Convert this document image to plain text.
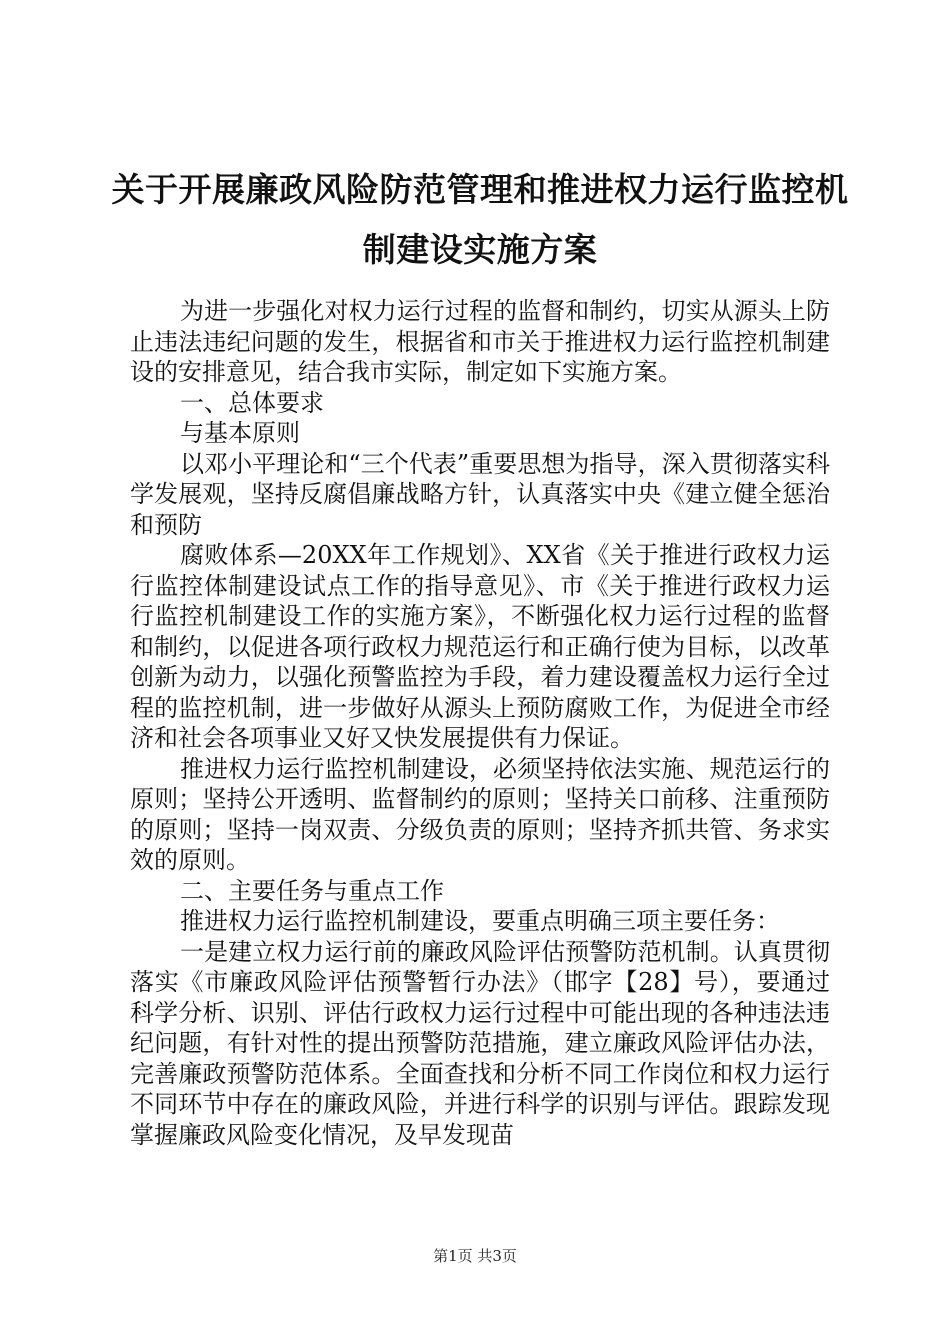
关于开展廉政风险防范管理和推进权力运行监控机制建设实施方案

为进一步强化对权力运行过程的监督和制约，切实从源头上防止违法违纪问题的发生，根据省和市关于推进权力运行监控机制建设的安排意见，结合我市实际，制定如下实施方案。

一、总体要求

与基本原则

以邓小平理论和“三个代表”重要思想为指导，深入贯彻落实科学发展观，坚持反腐倡廉战略方针，认真落实中央《建立健全惩治和预防

腐败体系—20XX年工作规划》、XX省《关于推进行政权力运行监控体制建设试点工作的指导意见》、市《关于推进行政权力运行监控机制建设工作的实施方案》，不断强化权力运行过程的监督和制约，以促进各项行政权力规范运行和正确行使为目标，以改革创新为动力，以强化预警监控为手段，着力建设覆盖权力运行全过程的监控机制，进一步做好从源头上预防腐败工作，为促进全市经济和社会各项事业又好又快发展提供有力保证。

推进权力运行监控机制建设，必须坚持依法实施、规范运行的原则；坚持公开透明、监督制约的原则；坚持关口前移、注重预防的原则；坚持一岗双责、分级负责的原则；坚持齐抓共管、务求实效的原则。

二、主要任务与重点工作

推进权力运行监控机制建设，要重点明确三项主要任务：

一是建立权力运行前的廉政风险评估预警防范机制。认真贯彻落实《市廉政风险评估预警暂行办法》（邯字【28】号），要通过科学分析、识别、评估行政权力运行过程中可能出现的各种违法违纪问题，有针对性的提出预警防范措施，建立廉政风险评估办法，完善廉政预警防范体系。全面查找和分析不同工作岗位和权力运行不同环节中存在的廉政风险，并进行科学的识别与评估。跟踪发现掌握廉政风险变化情况，及早发现苗

第1页 共3页
